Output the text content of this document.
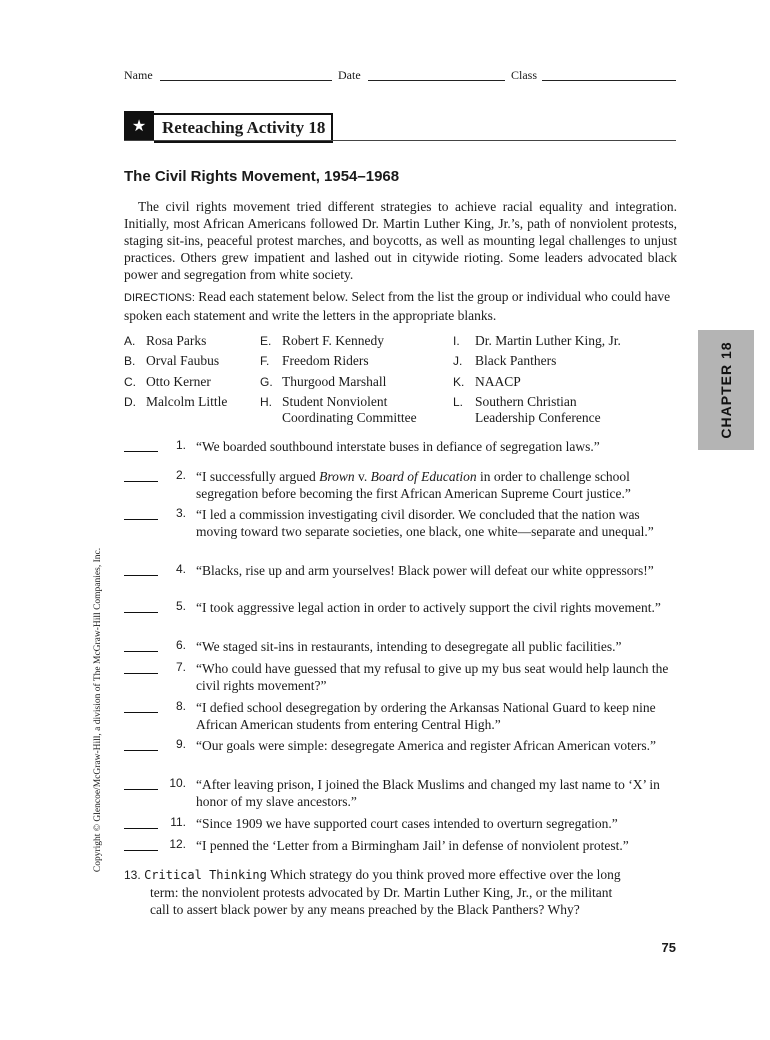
Name	Date	Class
★ Reteaching Activity 18
The Civil Rights Movement, 1954–1968

The civil rights movement tried different strategies to achieve racial equality and integration. Initially, most African Americans followed Dr. Martin Luther King, Jr.’s, path of nonviolent protests, staging sit-ins, peaceful protest marches, and boycotts, as well as mounting legal challenges to unjust practices. Others grew impatient and lashed out in citywide rioting. Some leaders advocated black power and segregation from white society.

DIRECTIONS: Read each statement below. Select from the list the group or individual who could have spoken each statement and write the letters in the appropriate blanks.

A. Rosa Parks
B. Orval Faubus
C. Otto Kerner
D. Malcolm Little
E. Robert F. Kennedy
F. Freedom Riders
G. Thurgood Marshall
H. Student Nonviolent
Coordinating Committee
I. Dr. Martin Luther King, Jr.
J. Black Panthers
K. NAACP
L. Southern Christian
Leadership Conference
1. “We boarded southbound interstate buses in defiance of segregation laws.”
2. “I successfully argued Brown v. Board of Education in order to challenge school segregation before becoming the first African American Supreme Court justice.”
3. “I led a commission investigating civil disorder. We concluded that the nation was moving toward two separate societies, one black, one white—separate and unequal.”
4. “Blacks, rise up and arm yourselves! Black power will defeat our white oppressors!”
5. “I took aggressive legal action in order to actively support the civil rights movement.”
6. “We staged sit-ins in restaurants, intending to desegregate all public facilities.”
7. “Who could have guessed that my refusal to give up my bus seat would help launch the civil rights movement?”
8. “I defied school desegregation by ordering the Arkansas National Guard to keep nine African American students from entering Central High.”
9. “Our goals were simple: desegregate America and register African American voters.”
10. “After leaving prison, I joined the Black Muslims and changed my last name to ‘X’ in honor of my slave ancestors.”
11. “Since 1909 we have supported court cases intended to overturn segregation.”
12. “I penned the ‘Letter from a Birmingham Jail’ in defense of nonviolent protest.”
13. Critical Thinking Which strategy do you think proved more effective over the long
term: the nonviolent protests advocated by Dr. Martin Luther King, Jr., or the militant
call to assert black power by any means preached by the Black Panthers? Why?
CHAPTER 18
Copyright © Glencoe/McGraw-Hill, a division of The McGraw-Hill Companies, Inc.
75
